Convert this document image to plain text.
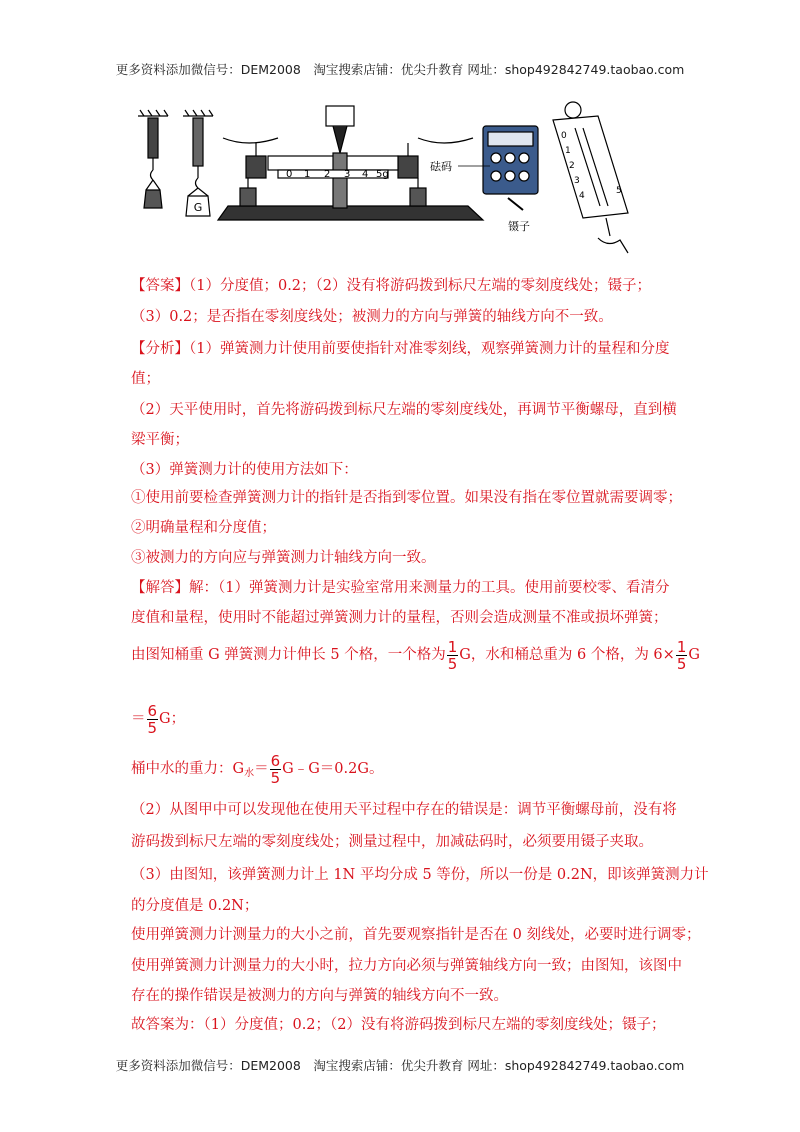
更多资料添加微信号：DEM2008　淘宝搜索店铺：优尖升教育 网址：shop492842749.taobao.com
G
0 1 2 3 4 5g
砝码
镊子
0
1
2
3
4	5
【答案】（1）分度值；0.2；（2）没有将游码拨到标尺左端的零刻度线处；镊子；
（3）0.2；是否指在零刻度线处；被测力的方向与弹簧的轴线方向不一致。
【分析】（1）弹簧测力计使用前要使指针对准零刻线，观察弹簧测力计的量程和分度
值；
（2）天平使用时，首先将游码拨到标尺左端的零刻度线处，再调节平衡螺母，直到横
梁平衡；
（3）弹簧测力计的使用方法如下：
①使用前要检查弹簧测力计的指针是否指到零位置。如果没有指在零位置就需要调零；
②明确量程和分度值；
③被测力的方向应与弹簧测力计轴线方向一致。
【解答】解：（1）弹簧测力计是实验室常用来测量力的工具。使用前要校零、看清分
度值和量程，使用时不能超过弹簧测力计的量程，否则会造成测量不准或损坏弹簧；
由图知桶重 G 弹簧测力计伸长 5 个格，一个格为 $\frac{1}{5}$ G，水和桶总重为 6 个格，为 $6\times \frac{1}{5}$ G
＝ $\frac{6}{5}$ G；
桶中水的重力：$G_水= \frac{6}{5}$ G﹣G＝0.2G。
（2）从图甲中可以发现他在使用天平过程中存在的错误是：调节平衡螺母前，没有将
游码拨到标尺左端的零刻度线处；测量过程中，加减砝码时，必须要用镊子夹取。
（3）由图知，该弹簧测力计上 1N 平均分成 5 等份，所以一份是 0.2N，即该弹簧测力计
的分度值是 0.2N；
使用弹簧测力计测量力的大小之前，首先要观察指针是否在 0 刻线处，必要时进行调零；
使用弹簧测力计测量力的大小时，拉力方向必须与弹簧轴线方向一致；由图知，该图中
存在的操作错误是被测力的方向与弹簧的轴线方向不一致。
故答案为：（1）分度值；0.2；（2）没有将游码拨到标尺左端的零刻度线处；镊子；
更多资料添加微信号：DEM2008　淘宝搜索店铺：优尖升教育 网址：shop492842749.taobao.com
